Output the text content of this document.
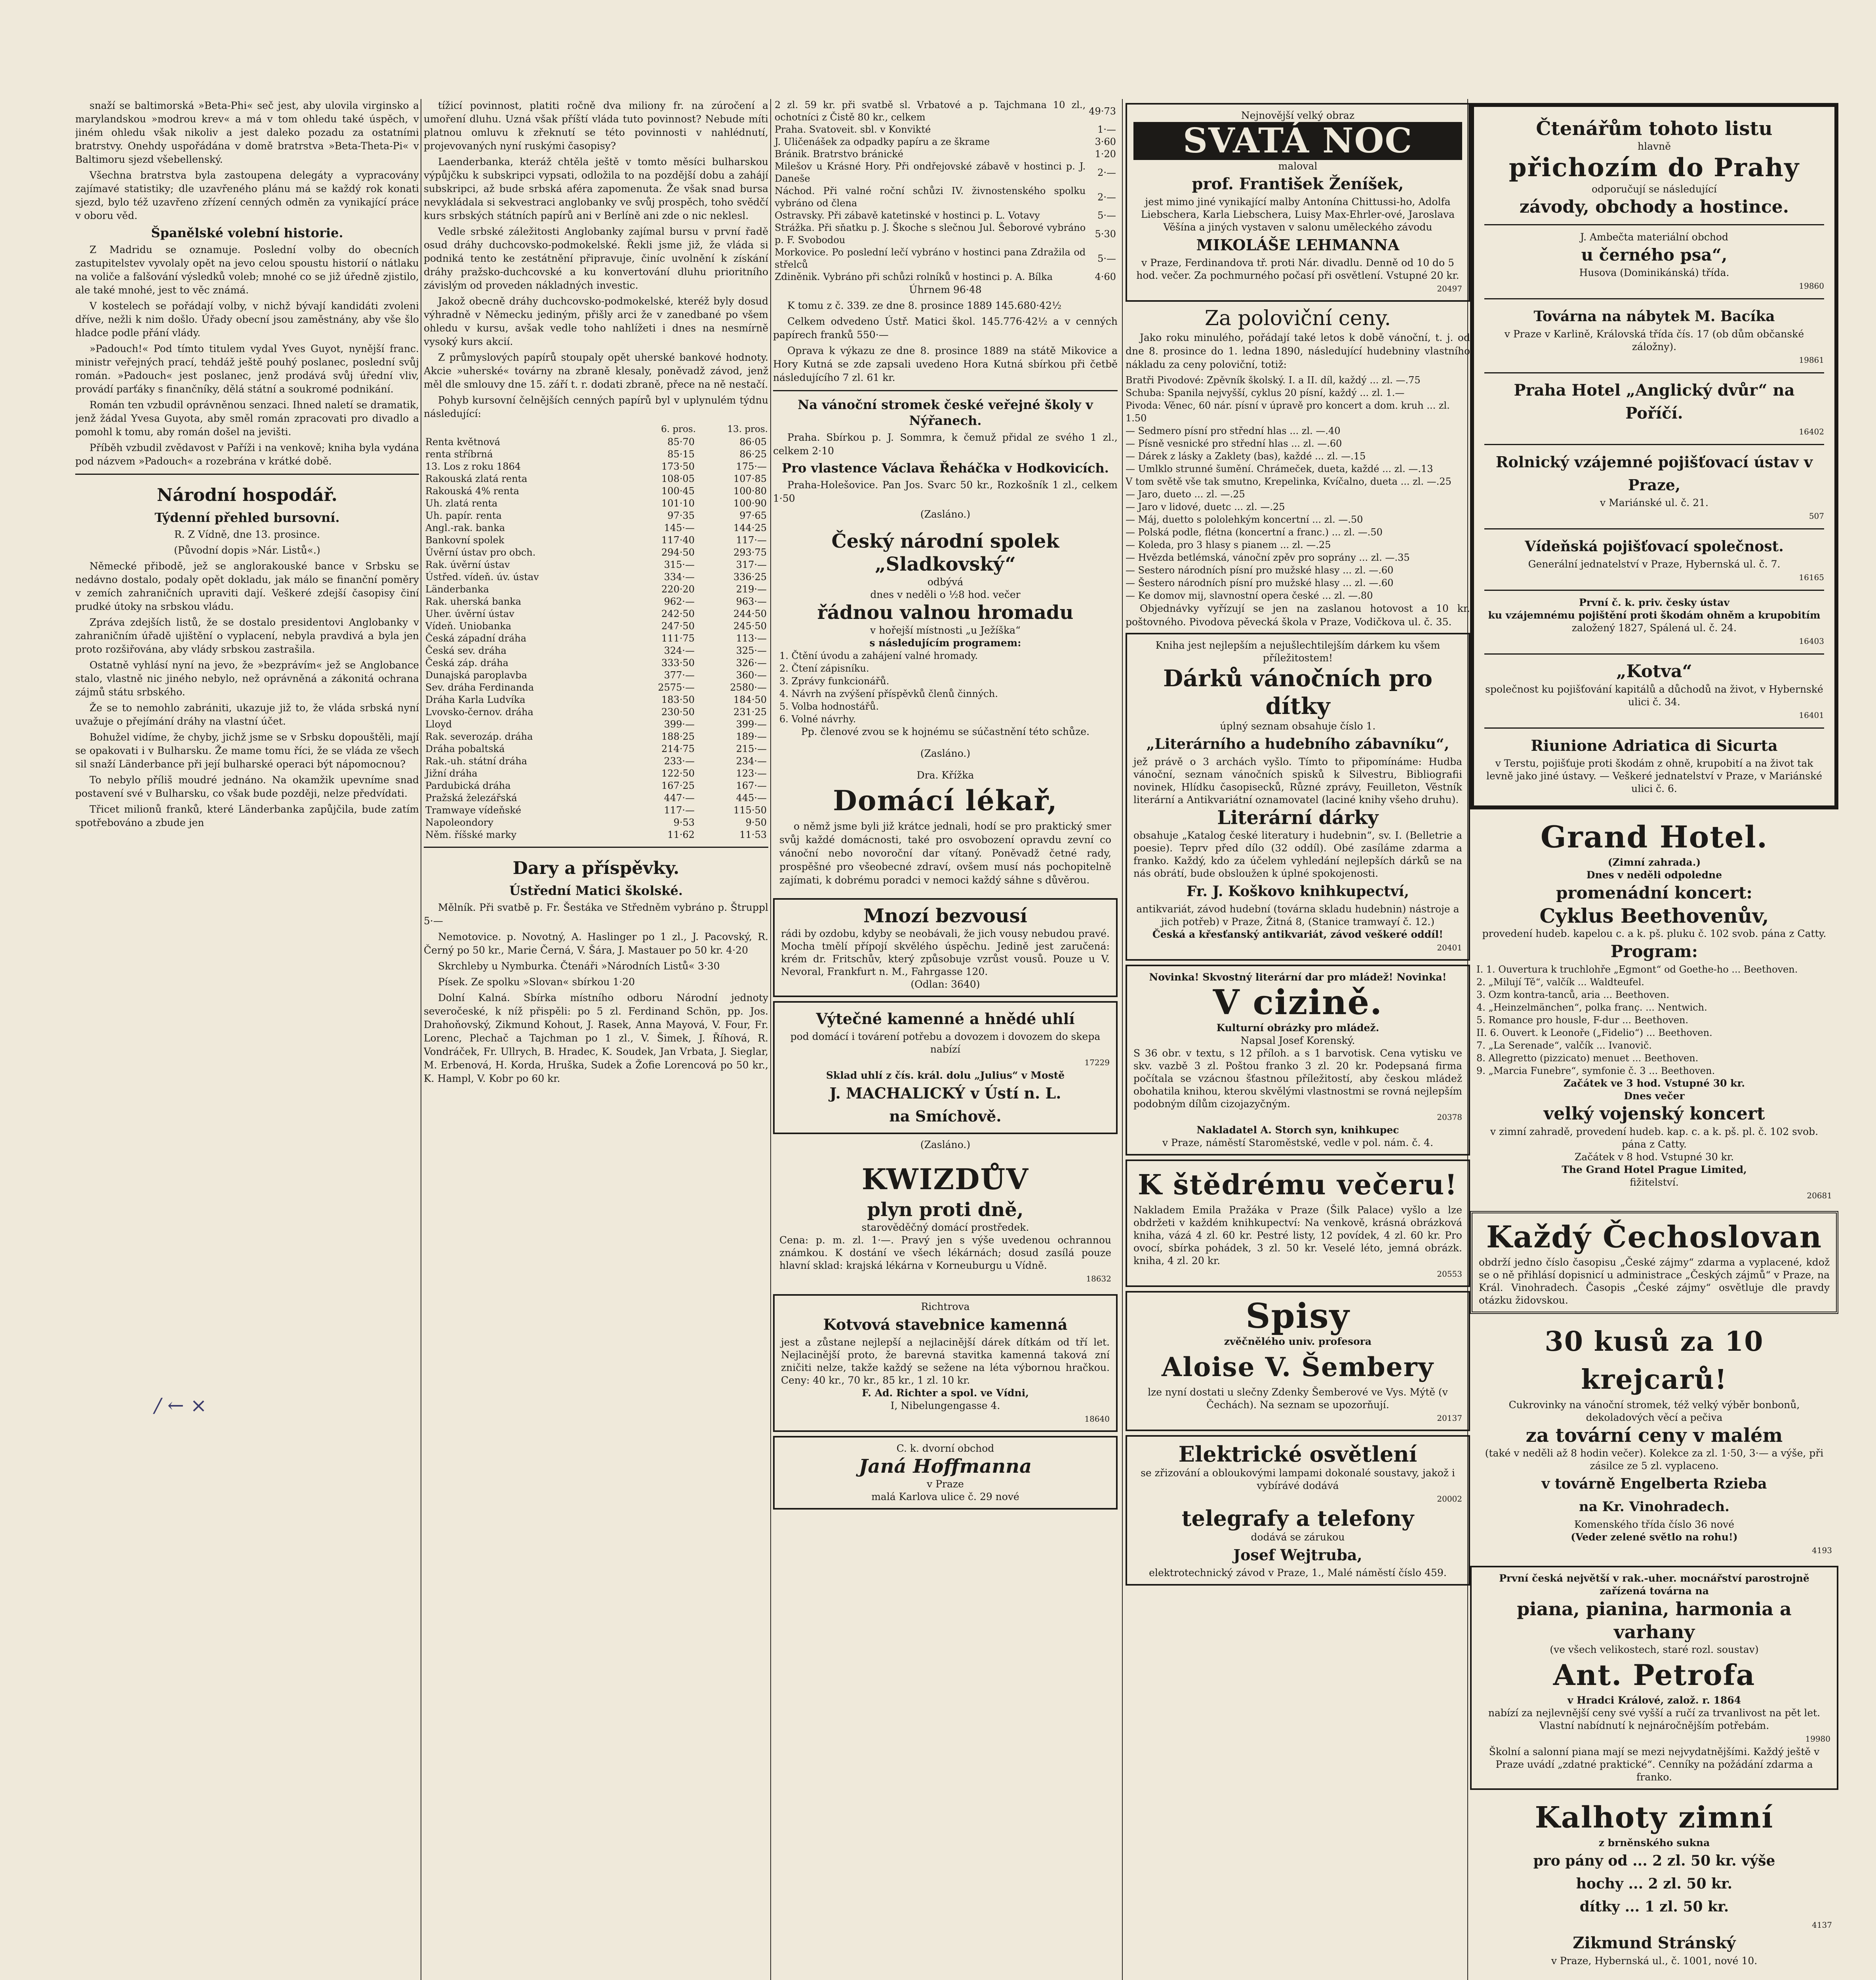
/ ← ×

snaží se baltimorská »Beta-Phi« seč jest, aby ulovila virginsko a marylandskou »modrou krev« a má v tom ohledu také úspěch, v jiném ohledu však nikoliv a jest daleko pozadu za ostatními bratrstvy. Onehdy uspořádána v domě bratrstva »Beta-Theta-Pi« v Baltimoru sjezd všebellenský.

Všechna bratrstva byla zastoupena delegáty a vypracovány zajímavé statistiky; dle uzavřeného plánu má se každý rok konati sjezd, bylo též uzavřeno zřízení cenných odměn za vynikající práce v oboru věd.

Španělské volební historie.

Z Madridu se oznamuje. Poslední volby do obecních zastupitelstev vyvolaly opět na jevo celou spoustu historií o nátlaku na voliče a falšování výsledků voleb; mnohé co se již úředně zjistilo, ale také mnohé, jest to věc známá.

V kostelech se pořádají volby, v nichž bývají kandidáti zvoleni dříve, nežli k nim došlo. Úřady obecní jsou zaměstnány, aby vše šlo hladce podle přání vlády.

»Padouch!« Pod tímto titulem vydal Yves Guyot, nynější franc. ministr veřejných prací, tehdáž ještě pouhý poslanec, poslední svůj román. »Padouch« jest poslanec, jenž prodává svůj úřední vliv, provádí parťáky s finančníky, dělá státní a soukromé podnikání.

Román ten vzbudil oprávněnou senzaci. Ihned naletí se dramatik, jenž žádal Yvesa Guyota, aby směl román zpracovati pro divadlo a pomohl k tomu, aby román došel na jevišti.

Příběh vzbudil zvědavost v Paříži i na venkově; kniha byla vydána pod názvem »Padouch« a rozebrána v krátké době.

Národní hospodář.
Týdenní přehled bursovní.

R. Z Vídně, dne 13. prosince.

(Původní dopis »Nár. Listů«.)

Německé přibodě, jež se anglorakouské bance v Srbsku se nedávno dostalo, podaly opět dokladu, jak málo se finanční poměry v zemích zahraničních upraviti dají. Veškeré zdejší časopisy činí prudké útoky na srbskou vládu.

Zpráva zdejších listů, že se dostalo presidentovi Anglobanky v zahraničním úřadě ujištění o vyplacení, nebyla pravdivá a byla jen proto rozšiřována, aby vlády srbskou zastrašila.

Ostatně vyhlásí nyní na jevo, že »bezprávím« jež se Anglobance stalo, vlastně nic jiného nebylo, než oprávněná a zákonitá ochrana zájmů státu srbského.

Že se to nemohlo zabrániti, ukazuje již to, že vláda srbská nyní uvažuje o přejímání dráhy na vlastní účet.

Bohužel vidíme, že chyby, jichž jsme se v Srbsku dopouštěli, mají se opakovati i v Bulharsku. Že mame tomu říci, že se vláda ze všech sil snaží Länderbance při její bulharské operaci být nápomocnou?

To nebylo příliš moudré jednáno. Na okamžik upevníme snad postavení své v Bulharsku, co však bude později, nelze předvídati.

Třicet milionů franků, které Länderbanka zapůjčila, bude zatím spotřebováno a zbude jen

tížicí povinnost, platiti ročně dva miliony fr. na zúročení a umoření dluhu. Uzná však příští vláda tuto povinnost? Nebude míti platnou omluvu k zřeknutí se této povinnosti v nahlédnutí, projevovaných nyní ruskými časopisy?

Laenderbanka, kteráž chtěla ještě v tomto měsíci bulharskou výpůjčku k subskripci vypsati, odložila to na pozdější dobu a zahájí subskripci, až bude srbská aféra zapomenuta. Že však snad bursa nevykládala si sekvestraci anglobanky ve svůj prospěch, toho svědčí kurs srbských státních papírů ani v Berlíně ani zde o nic neklesl.

Vedle srbské záležitosti Anglobanky zajímal bursu v první řadě osud dráhy duchcovsko-podmokelské. Řekli jsme již, že vláda si podniká tento ke zestátnění připravuje, činíc uvolnění k získání dráhy pražsko-duchcovské a ku konvertování dluhu prioritního závislým od proveden nákladných investic.

Jakož obecně dráhy duchcovsko-podmokelské, kteréž byly dosud výhradně v Německu jediným, přišly arci že v zanedbané po všem ohledu v kursu, avšak vedle toho nahlížeti i dnes na nesmírně vysoký kurs akcií.

Z průmyslových papírů stoupaly opět uherské bankové hodnoty. Akcie »uherské« továrny na zbraně klesaly, poněvadž závod, jenž měl dle smlouvy dne 15. září t. r. dodati zbraně, přece na ně nestačí.

Pohyb kursovní čelnějších cenných papírů byl v uplynulém týdnu následující:

	6. pros.	13. pros.
Renta květnová	85·70	86·05
renta stříbrná	85·15	86·25
13. Los z roku 1864	173·50	175·—
Rakouská zlatá renta	108·05	107·85
Rakouská 4% renta	100·45	100·80
Uh. zlatá renta	101·10	100·90
Uh. papír. renta	97·35	97·65
Angl.-rak. banka	145·—	144·25
Bankovní spolek	117·40	117·—
Úvěrní ústav pro obch.	294·50	293·75
Rak. úvěrní ústav	315·—	317·—
Ústřed. vídeň. úv. ústav	334·—	336·25
Länderbanka	220·20	219·—
Rak. uherská banka	962·—	963·—
Uher. úvěrní ústav	242·50	244·50
Vídeň. Uniobanka	247·50	245·50
Česká západní dráha	111·75	113·—
Česká sev. dráha	324·—	325·—
Česká záp. dráha	333·50	326·—
Dunajská paroplavba	377·—	360·—
Sev. dráha Ferdinanda	2575·—	2580·—
Dráha Karla Ludvíka	183·50	184·50
Lvovsko-černov. dráha	230·50	231·25
Lloyd	399·—	399·—
Rak. severozáp. dráha	188·25	189·—
Dráha pobaltská	214·75	215·—
Rak.-uh. státní dráha	233·—	234·—
Jižní dráha	122·50	123·—
Pardubická dráha	167·25	167·—
Pražská železářská	447·—	445·—
Tramwaye vídeňské	117·—	115·50
Napoleondory	9·53	9·50
Něm. říšské marky	11·62	11·53
Dary a příspěvky.
Ústřední Matici školské.

Mělník. Při svatbě p. Fr. Šestáka ve Středněm vybráno p. Štruppl 5·—

Nemotovice. p. Novotný, A. Haslinger po 1 zl., J. Pacovský, R. Černý po 50 kr., Marie Černá, V. Šára, J. Mastauer po 50 kr. 4·20

Skrchleby u Nymburka. Čtenáři »Národních Listů« 3·30

Písek. Ze spolku »Slovan« sbírkou 1·20

Dolní Kalná. Sbírka místního odboru Národní jednoty severočeské, k níž přispěli: po 5 zl. Ferdinand Schön, pp. Jos. Drahoňovský, Zikmund Kohout, J. Rasek, Anna Mayová, V. Four, Fr. Lorenc, Plechač a Tajchman po 1 zl., V. Šimek, J. Říhová, R. Vondráček, Fr. Ullrych, B. Hradec, K. Soudek, Jan Vrbata, J. Sieglar, M. Erbenová, H. Korda, Hruška, Sudek a Žofie Lorencová po 50 kr., K. Hampl, V. Kobr po 60 kr.

2 zl. 59 kr. při svatbě sl. Vrbatové a p. Tajchmana 10 zl., ochotníci z Čistě 80 kr., celkem	49·73
Praha. Svatoveit. sbl. v Konvikté	1·—
J. Uličenášek za odpadky papíru a ze škrame	3·60
Bránik. Bratrstvo bránické	1·20
Milešov u Krásné Hory. Při ondřejovské zábavě v hostinci p. J. Daneše	2·—
Náchod. Při valné roční schůzi IV. živnostenského spolku vybráno od člena	2·—
Ostravsky. Při zábavě katetinské v hostinci p. L. Votavy	5·—
Strážka. Při sňatku p. J. Škoche s slečnou Jul. Šeborové vybráno p. F. Svobodou	5·30
Morkovice. Po poslední lečí vybráno v hostinci pana Zdražila od střelců	5·—
Zdiněnik. Vybráno při schůzi rolníků v hostinci p. A. Bílka	4·60

Úhrnem 96·48

K tomu z č. 339. ze dne 8. prosince 1889 145.680·42½

Celkem odvedeno Ústř. Matici škol. 145.776·42½ a v cenných papírech franků 550·—

Oprava k výkazu ze dne 8. prosince 1889 na státě Mikovice a Hory Kutná se zde zapsali uvedeno Hora Kutná sbírkou při četbě následujícího 7 zl. 61 kr.

Na vánoční stromek české veřejné školy v Nýřanech.

Praha. Sbírkou p. J. Sommra, k čemuž přidal ze svého 1 zl., celkem 2·10

Pro vlastence Václava Řeháčka v Hodkovicích.

Praha-Holešovice. Pan Jos. Svarc 50 kr., Rozkošník 1 zl., celkem 1·50

(Zasláno.)

Český národní spolek „Sladkovský“
odbývá
dnes v neděli o ½8 hod. večer
řádnou valnou hromadu
v hořejší místnosti „u Ježíška“
s následujícím programem:
1. Čtění úvodu a zahájení valné hromady.
2. Čtení zápisníku.
3. Zprávy funkcionářů.
4. Návrh na zvýšení příspěvků členů činných.
5. Volba hodnostářů.
6. Volné návrhy.
Pp. členové zvou se k hojnému se súčastnění této schůze.

(Zasláno.)

Dra. Křížka
Domácí lékař,

o němž jsme byli již krátce jednali, hodí se pro praktický smer svůj každé domácnosti, také pro osvobození opravdu zevní co vánoční nebo novoroční dar vítaný. Poněvadž četné rady, prospěšné pro všeobecné zdraví, ovšem musí nás pochopitelně zajímati, k dobrému poradci v nemoci každý sáhne s důvěrou.

Mnozí bezvousí
rádi by ozdobu, kdyby se neobávali, že jich vousy nebudou pravé. Mocha tmělí přípojí skvělého úspěchu. Jedině jest zaručená: krém dr. Fritschův, který způsobuje vzrůst vousů. Pouze u V. Nevoral, Frankfurt n. M., Fahrgasse 120.
(Odlan: 3640)
Výtečné kamenné a hnědé uhlí
pod domácí i továrení potřebu a dovozem i dovozem do skepa nabízí
17229
Sklad uhlí z čís. král. dolu „Julius“ v Mostě
J. MACHALICKÝ v Ústí n. L.
na Smíchově.

(Zasláno.)

KWIZDŮV
plyn proti dně,
starověděčný domácí prostředek.
Cena: p. m. zl. 1·—. Pravý jen s výše uvedenou ochrannou známkou. K dostání ve všech lékárnách; dosud zasílá pouze hlavní sklad: krajská lékárna v Korneuburgu u Vídně.
18632
Richtrova
Kotvová stavebnice kamenná
jest a zůstane nejlepší a nejlacinější dárek dítkám od tří let. Nejlacinější proto, že barevná stavitka kamenná taková zní zničiti nelze, takže každý se sežene na léta výbornou hračkou. Ceny: 40 kr., 70 kr., 85 kr., 1 zl. 10 kr.
F. Ad. Richter a spol. ve Vídni,
I, Nibelungengasse 4.
18640
C. k. dvorní obchod
Janá Hoffmanna
v Praze
malá Karlova ulice č. 29 nové
Nejnovější velký obraz
SVATÁ NOC
maloval
prof. František Ženíšek,
jest mimo jiné vynikající malby Antonína Chittussi-ho, Adolfa Liebschera, Karla Liebschera, Luisy Max-Ehrler-ové, Jaroslava Věšína a jiných vystaven v salonu uměleckého závodu
MIKOLÁŠE LEHMANNA
v Praze, Ferdinandova tř. proti Nár. divadlu. Denně od 10 do 5 hod. večer. Za pochmurného počasí při osvětlení. Vstupné 20 kr.
20497
Za poloviční ceny.

Jako roku minulého, pořádají také letos k době vánoční, t. j. od dne 8. prosince do 1. ledna 1890, následující hudebniny vlastního nákladu za ceny poloviční, totiž:

Bratři Pivodové: Zpěvník školský. I. a II. díl, každý ... zl. —.75
Schuba: Spanila nejvyšší, cyklus 20 písní, každý ... zl. 1.—
Pivoda: Věnec, 60 nár. písní v úpravě pro koncert a dom. kruh ... zl. 1.50
— Sedmero písní pro střední hlas ... zl. —.40
— Písně vesnické pro střední hlas ... zl. —.60
— Dárek z lásky a Zaklety (bas), každé ... zl. —.15
— Umlklo strunné šumění. Chrámeček, dueta, každé ... zl. —.13
V tom světě vše tak smutno, Krepelinka, Kvíčalno, dueta ... zl. —.25
— Jaro, dueto ... zl. —.25
— Jaro v lidové, duetc ... zl. —.25
— Máj, duetto s pololehkým koncertní ... zl. —.50
— Polská podle, flétna (koncertní a franc.) ... zl. —.50
— Koleda, pro 3 hlasy s pianem ... zl. —.25
— Hvězda betlémská, vánoční zpěv pro soprány ... zl. —.35
— Sestero národních písní pro mužské hlasy ... zl. —.60
— Šestero národních písní pro mužské hlasy ... zl. —.60
— Ke domov mij, slavnostní opera české ... zl. —.80

Objednávky vyřízují se jen na zaslanou hotovost a 10 kr. poštovného. Pivodova pěvecká škola v Praze, Vodičkova ul. č. 35.

Kniha jest nejlepším a nejušlechtilejším dárkem ku všem příležitostem!
Dárků vánočních pro dítky
úplný seznam obsahuje číslo 1.
„Literárního a hudebního zábavníku“,
jež právě o 3 archách vyšlo. Tímto to připomínáme: Hudba vánoční, seznam vánočních spisků k Silvestru, Bibliografii novinek, Hlídku časopisecků, Různé zprávy, Feuilleton, Věstník literární a Antikvariátní oznamovatel (laciné knihy všeho druhu).
Literární dárky
obsahuje „Katalog české literatury i hudebnin“, sv. I. (Belletrie a poesie). Teprv před dílo (32 oddíl). Obé zasíláme zdarma a franko. Každý, kdo za účelem vyhledání nejlepších dárků se na nás obrátí, bude obsloužen k úplné spokojenosti.
Fr. J. Koškovo knihkupectví,
antikvariát, závod hudební (továrna skladu hudebnin) nástroje a jich potřeb) v Praze, Žitná 8, (Stanice tramwayí č. 12.)
Česká a křesťanský antikvariát, závod veškeré oddíl!
20401
Novinka! Skvostný literární dar pro mládež! Novinka!
V cizině.
Kulturní obrázky pro mládež.
Napsal Josef Korenský.
S 36 obr. v textu, s 12 příloh. a s 1 barvotisk. Cena vytisku ve skv. vazbě 3 zl. Poštou franko 3 zl. 20 kr. Podepsaná firma počítala se vzácnou šťastnou příležitostí, aby českou mládež obohatila knihou, kterou skvělými vlastnostmi se rovná nejlepším podobným dílům cizojazyčným.
20378
Nakladatel A. Storch syn, knihkupec
v Praze, náměstí Staroměstské, vedle v pol. nám. č. 4.
K štědrému večeru!
Nakladem Emila Pražáka v Praze (Šilk Palace) vyšlo a lze obdržeti v každém knihkupectví: Na venkově, krásná obrázková kniha, vázá 4 zl. 60 kr. Pestré listy, 12 povídek, 4 zl. 60 kr. Pro ovocí, sbírka pohádek, 3 zl. 50 kr. Veselé léto, jemná obrázk. kniha, 4 zl. 20 kr.
20553
Spisy
zvěčnělého univ. profesora
Aloise V. Šembery
lze nyní dostati u slečny Zdenky Šemberové ve Vys. Mýtě (v Čechách). Na seznam se upozorňují.
20137
Elektrické osvětlení
se zřizování a obloukovými lampami dokonalé soustavy, jakož i vybírávé dodává
20002
telegrafy a telefony
dodává se zárukou
Josef Wejtruba,
elektrotechnický závod v Praze, 1., Malé náměstí číslo 459.
Čtenářům tohoto listu
hlavně
přichozím do Prahy
odporučují se následující
závody, obchody a hostince.
J. Ambečta materiální obchod
u černého psa“,
Husova (Dominikánská) třída.
19860
Továrna na nábytek M. Bacíka
v Praze v Karlině, Královská třída čís. 17 (ob dům občanské záložny).
19861
Praha Hotel „Anglický dvůr“ na Poříčí.
16402
Rolnický vzájemné pojišťovací ústav v Praze,
v Mariánské ul. č. 21.
507
Vídeňská pojišťovací společnost.
Generální jednatelství v Praze, Hybernská ul. č. 7.
16165
První č. k. priv. česky ústav
ku vzájemnému pojištění proti škodám ohněm a krupobitím
založený 1827, Spálená ul. č. 24.
16403
„Kotva“
společnost ku pojišťování kapitálů a důchodů na život, v Hybernské ulici č. 34.
16401
Riunione Adriatica di Sicurta
v Terstu, pojišťuje proti škodám z ohně, krupobití a na život tak levně jako jiné ústavy. — Veškeré jednatelství v Praze, v Mariánské ulici č. 6.
Grand Hotel.
(Zimní zahrada.)
Dnes v neděli odpoledne
promenádní koncert:
Cyklus Beethovenův,
provedení hudeb. kapelou c. a k. pš. pluku č. 102 svob. pána z Catty.
Program:
I. 1. Ouvertura k truchlohře „Egmont“ od Goethe-ho ... Beethoven.
2. „Milují Tě“, valčík ... Waldteufel.
3. Ozm kontra-tanců, aria ... Beethoven.
4. „Heinzelmänchen“, polka franç. ... Nentwich.
5. Romance pro housle, F-dur ... Beethoven.
II. 6. Ouvert. k Leonoře („Fidelio“) ... Beethoven.
7. „La Serenade“, valčík ... Ivanovič.
8. Allegretto (pizzicato) menuet ... Beethoven.
9. „Marcia Funebre“, symfonie č. 3 ... Beethoven.
Začátek ve 3 hod. Vstupné 30 kr.
Dnes večer
velký vojenský koncert
v zimní zahradě, provedení hudeb. kap. c. a k. pš. pl. č. 102 svob. pána z Catty.
Začátek v 8 hod. Vstupné 30 kr.
The Grand Hotel Prague Limited,
fižitelství.
20681
Každý Čechoslovan
obdrží jedno číslo časopisu „České zájmy“ zdarma a vyplacené, kdož se o ně přihlásí dopisnicí u administrace „Českých zájmů“ v Praze, na Král. Vinohradech. Časopis „České zájmy“ osvětluje dle pravdy otázku židovskou.
30 kusů za 10 krejcarů!
Cukrovinky na vánoční stromek, též velký výběr bonbonů, dekoladových věcí a pečiva
za tovární ceny v malém
(také v neděli až 8 hodin večer). Kolekce za zl. 1·50, 3·— a výše, při zásilce ze 5 zl. vyplaceno.
v továrně Engelberta Rzieba
na Kr. Vinohradech.
Komenského třída číslo 36 nové
(Veder zelené světlo na rohu!)
4193
První česká největší v rak.-uher. mocnářství parostrojně zařízená továrna na
piana, pianina, harmonia a varhany
(ve všech velikostech, staré rozl. soustav)
Ant. Petrofa
v Hradci Králové, založ. r. 1864
nabízí za nejlevnější ceny své vyšší a ručí za trvanlivost na pět let. Vlastní nabídnutí k nejnáročnějším potřebám.
19980
Školní a salonní piana mají se mezi nejvydatnějšími. Každý ještě v Praze uvádí „zdatné praktické“. Cenníky na požádání zdarma a franko.
Kalhoty zimní
z brněnského sukna
pro pány od ... 2 zl. 50 kr. výše
hochy ... 2 zl. 50 kr.
dítky ... 1 zl. 50 kr.
4137
Zikmund Stránský
v Praze, Hybernská ul., č. 1001, nové 10.
